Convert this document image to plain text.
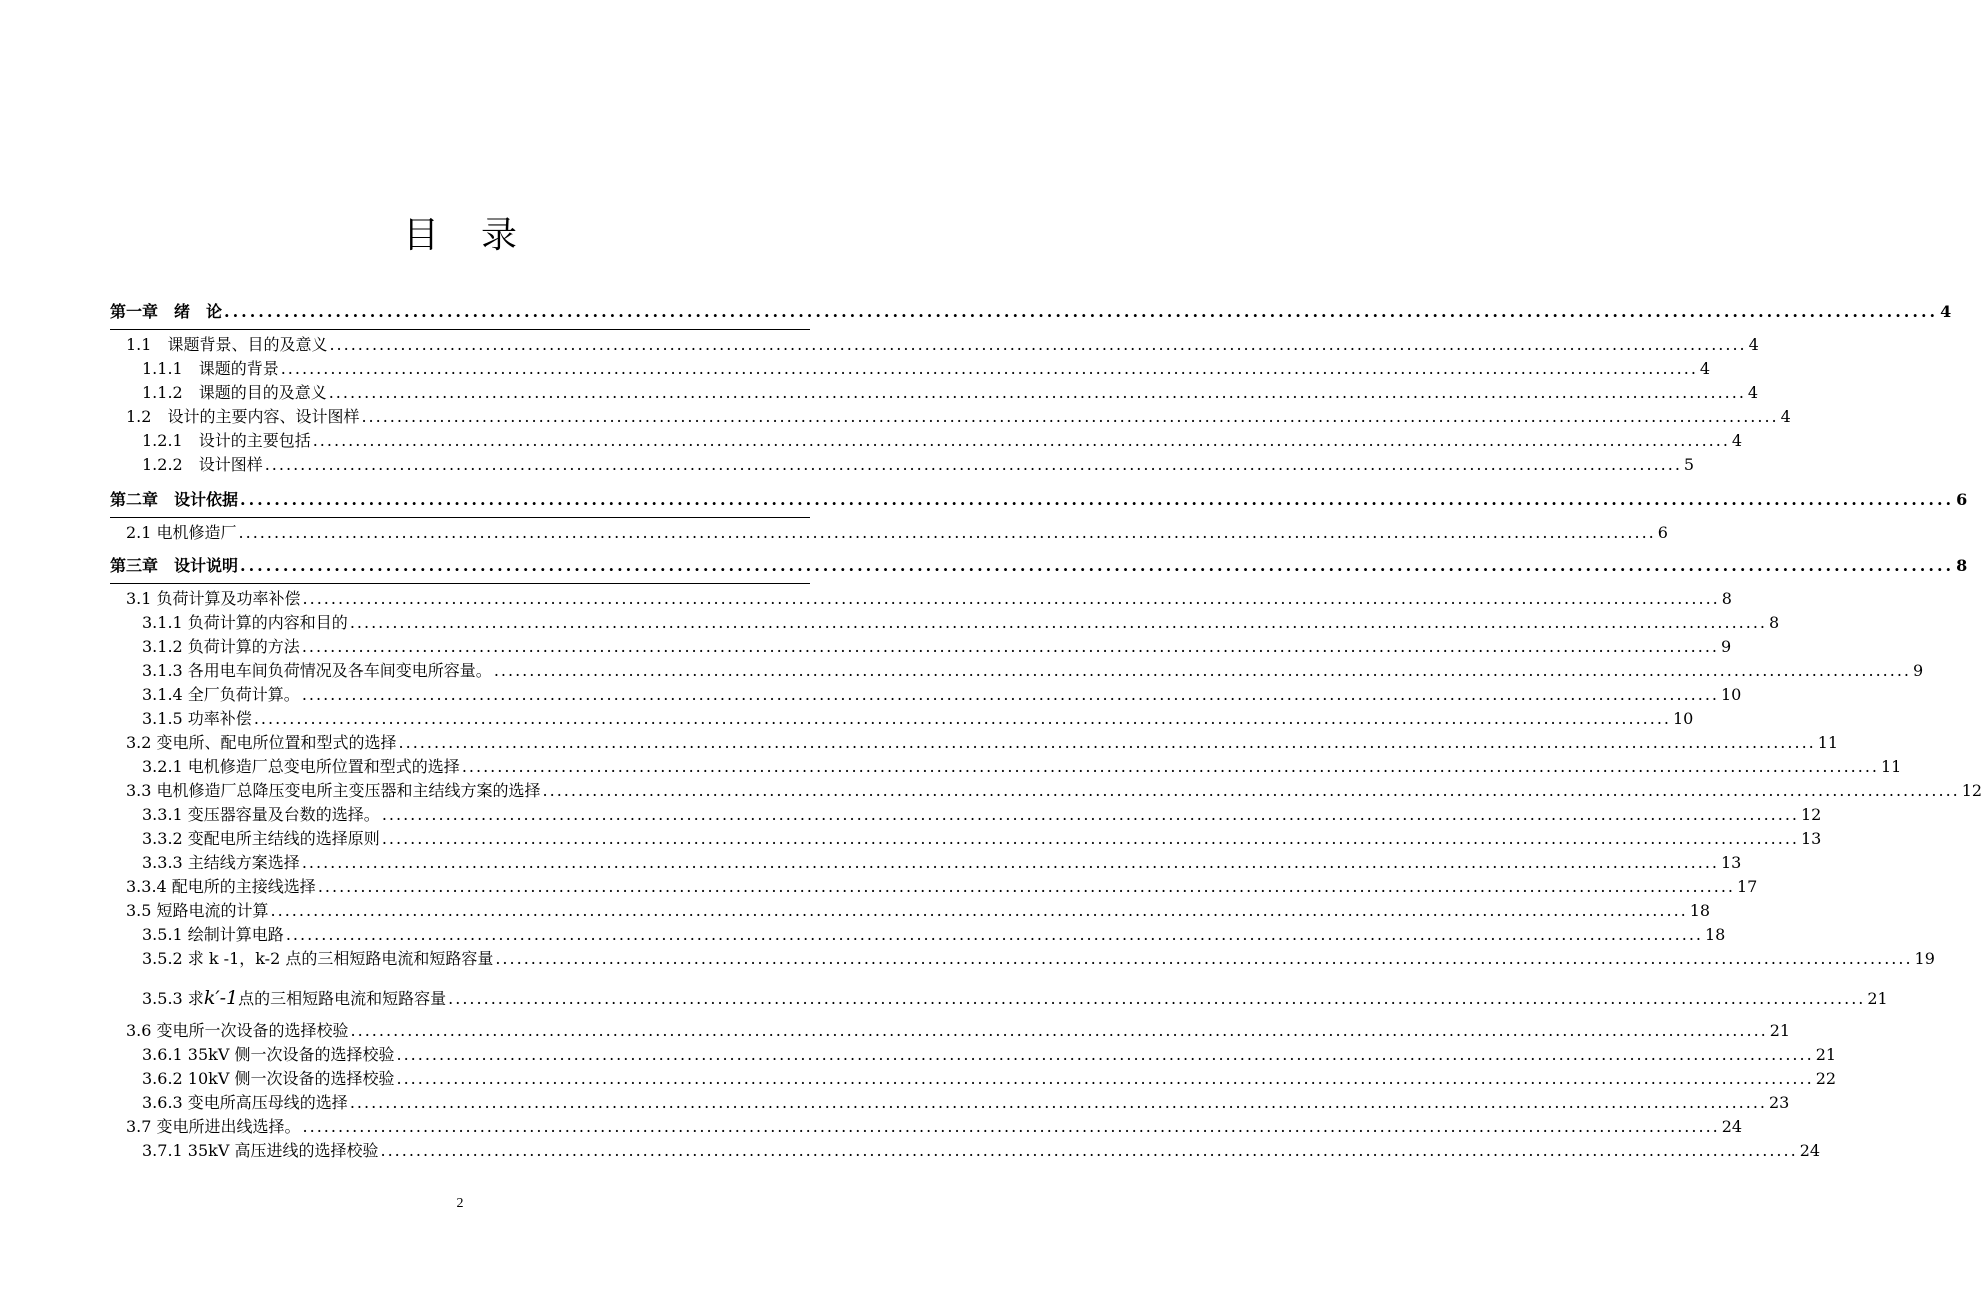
目录
第一章　绪　论 ........................................................................................................................................................................................................ 4
1.1　课题背景、目的及意义 ........................................................................................................................................................................................................ 4
1.1.1　课题的背景 ........................................................................................................................................................................................................ 4
1.1.2　课题的目的及意义 ........................................................................................................................................................................................................ 4
1.2　设计的主要内容、设计图样 ........................................................................................................................................................................................................ 4
1.2.1　设计的主要包括 ........................................................................................................................................................................................................ 4
1.2.2　设计图样 ........................................................................................................................................................................................................ 5
第二章　设计依据 ........................................................................................................................................................................................................ 6
2.1 电机修造厂 ........................................................................................................................................................................................................ 6
第三章　设计说明 ........................................................................................................................................................................................................ 8
3.1 负荷计算及功率补偿 ........................................................................................................................................................................................................ 8
3.1.1 负荷计算的内容和目的 ........................................................................................................................................................................................................ 8
3.1.2 负荷计算的方法 ........................................................................................................................................................................................................ 9
3.1.3 各用电车间负荷情况及各车间变电所容量。 ........................................................................................................................................................................................................ 9
3.1.4 全厂负荷计算。 ........................................................................................................................................................................................................ 10
3.1.5 功率补偿 ........................................................................................................................................................................................................ 10
3.2 变电所、配电所位置和型式的选择 ........................................................................................................................................................................................................ 11
3.2.1 电机修造厂总变电所位置和型式的选择 ........................................................................................................................................................................................................ 11
3.3 电机修造厂总降压变电所主变压器和主结线方案的选择 ........................................................................................................................................................................................................ 12
3.3.1 变压器容量及台数的选择。 ........................................................................................................................................................................................................ 12
3.3.2 变配电所主结线的选择原则 ........................................................................................................................................................................................................ 13
3.3.3 主结线方案选择 ........................................................................................................................................................................................................ 13
3.3.4 配电所的主接线选择 ........................................................................................................................................................................................................ 17
3.5 短路电流的计算 ........................................................................................................................................................................................................ 18
3.5.1 绘制计算电路 ........................................................................................................................................................................................................ 18
3.5.2 求 k -1，k-2 点的三相短路电流和短路容量 ........................................................................................................................................................................................................ 19
3.5.3 求k′-1点的三相短路电流和短路容量 ........................................................................................................................................................................................................ 21
3.6 变电所一次设备的选择校验 ........................................................................................................................................................................................................ 21
3.6.1 35kV 侧一次设备的选择校验 ........................................................................................................................................................................................................ 21
3.6.2 10kV 侧一次设备的选择校验 ........................................................................................................................................................................................................ 22
3.6.3 变电所高压母线的选择 ........................................................................................................................................................................................................ 23
3.7 变电所进出线选择。 ........................................................................................................................................................................................................ 24
3.7.1 35kV 高压进线的选择校验 ........................................................................................................................................................................................................ 24
2
